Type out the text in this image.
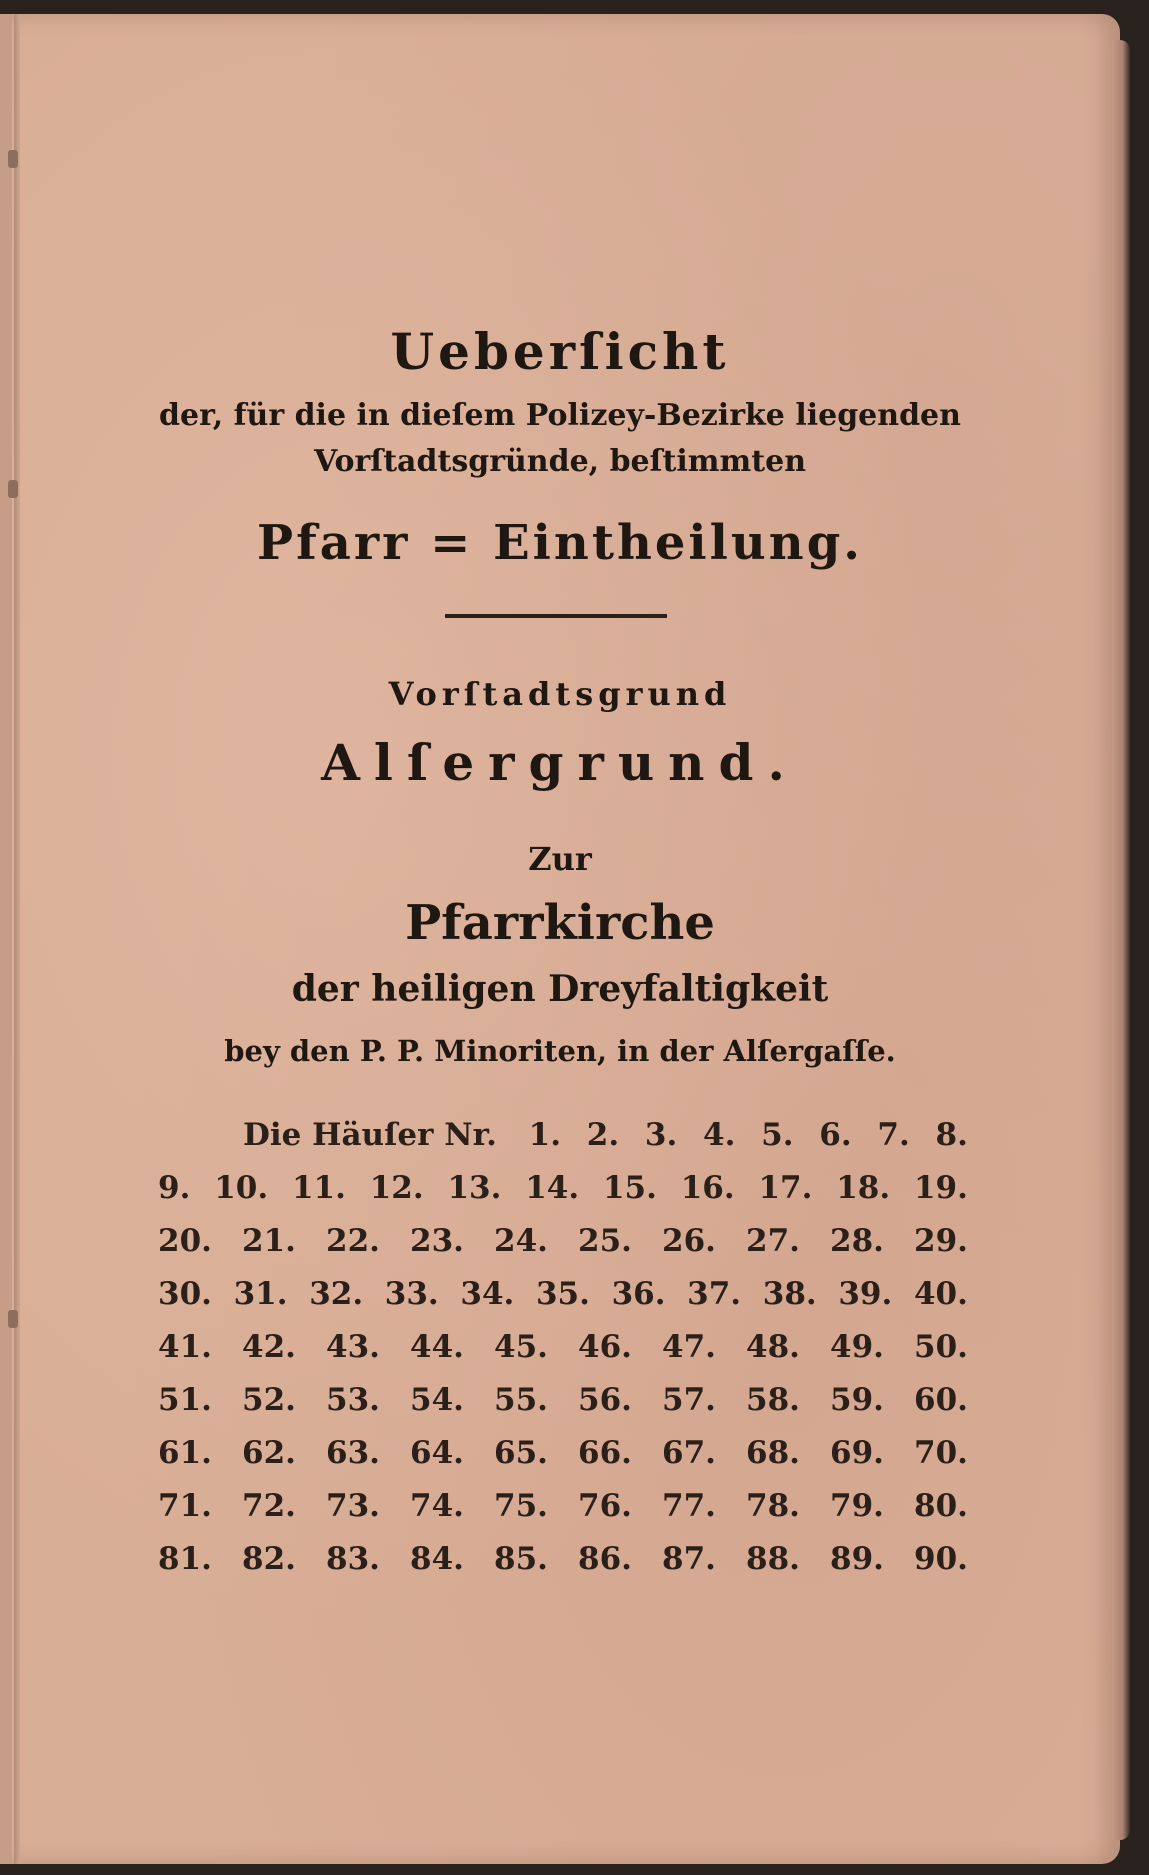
Ueberſicht
der, für die in dieſem Polizey-Bezirke liegenden
Vorſtadtsgründe, beſtimmten
Pfarr = Eintheilung.
Vorſtadtsgrund
Alſergrund.
Zur
Pfarrkirche
der heiligen Dreyfaltigkeit
bey den P. P. Minoriten, in der Alſergaſſe.
Die Häuſer Nr. 1. 2. 3. 4. 5. 6. 7. 8.
9. 10. 11. 12. 13. 14. 15. 16. 17. 18. 19.
20. 21. 22. 23. 24. 25. 26. 27. 28. 29.
30. 31. 32. 33. 34. 35. 36. 37. 38. 39. 40.
41. 42. 43. 44. 45. 46. 47. 48. 49. 50.
51. 52. 53. 54. 55. 56. 57. 58. 59. 60.
61. 62. 63. 64. 65. 66. 67. 68. 69. 70.
71. 72. 73. 74. 75. 76. 77. 78. 79. 80.
81. 82. 83. 84. 85. 86. 87. 88. 89. 90.
